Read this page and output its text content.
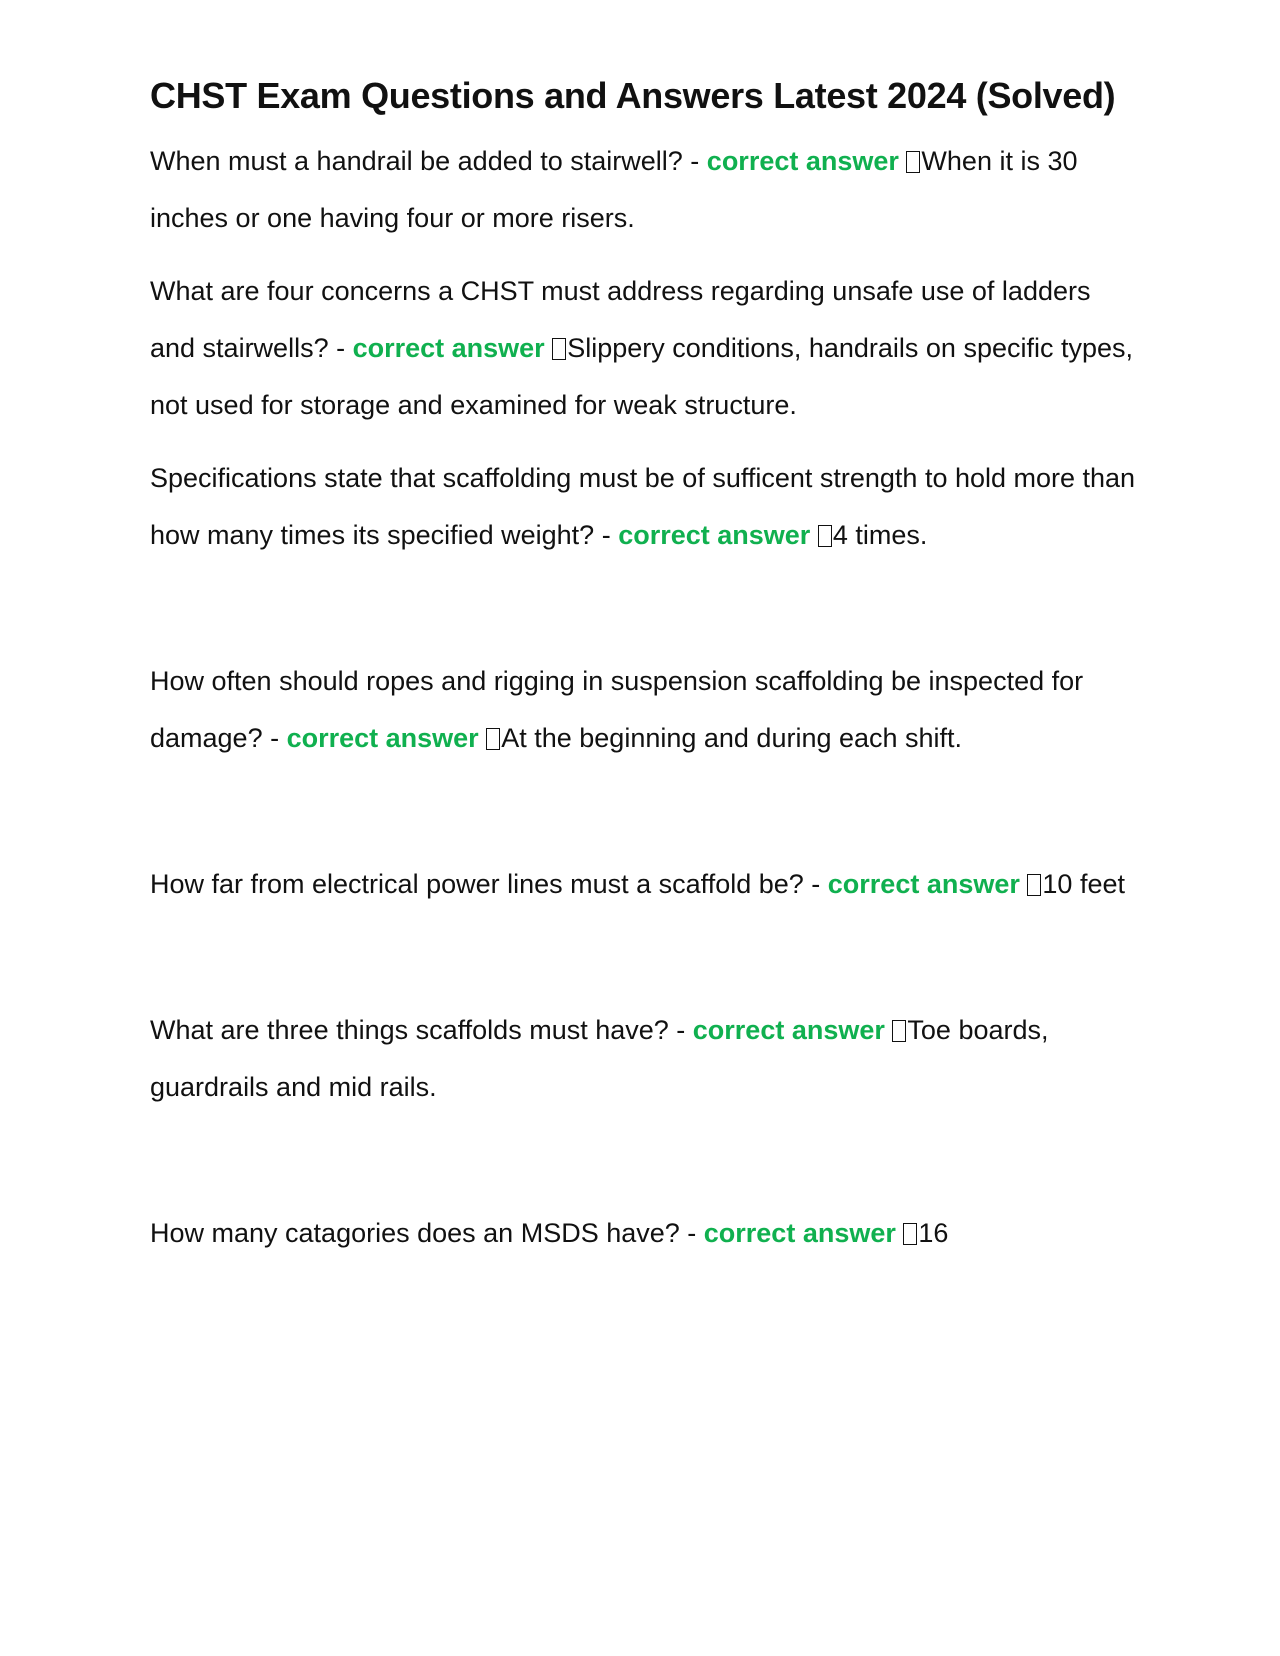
CHST Exam Questions and Answers Latest 2024 (Solved)

When must a handrail be added to stairwell? - correct answer When it is 30 inches or one having four or more risers.

What are four concerns a CHST must address regarding unsafe use of ladders and stairwells? - correct answer Slippery conditions, handrails on specific types, not used for storage and examined for weak structure.

Specifications state that scaffolding must be of sufficent strength to hold more than how many times its specified weight? - correct answer 4 times.

How often should ropes and rigging in suspension scaffolding be inspected for damage? - correct answer At the beginning and during each shift.

How far from electrical power lines must a scaffold be? - correct answer 10 feet

What are three things scaffolds must have? - correct answer Toe boards, guardrails and mid rails.

How many catagories does an MSDS have? - correct answer 16
